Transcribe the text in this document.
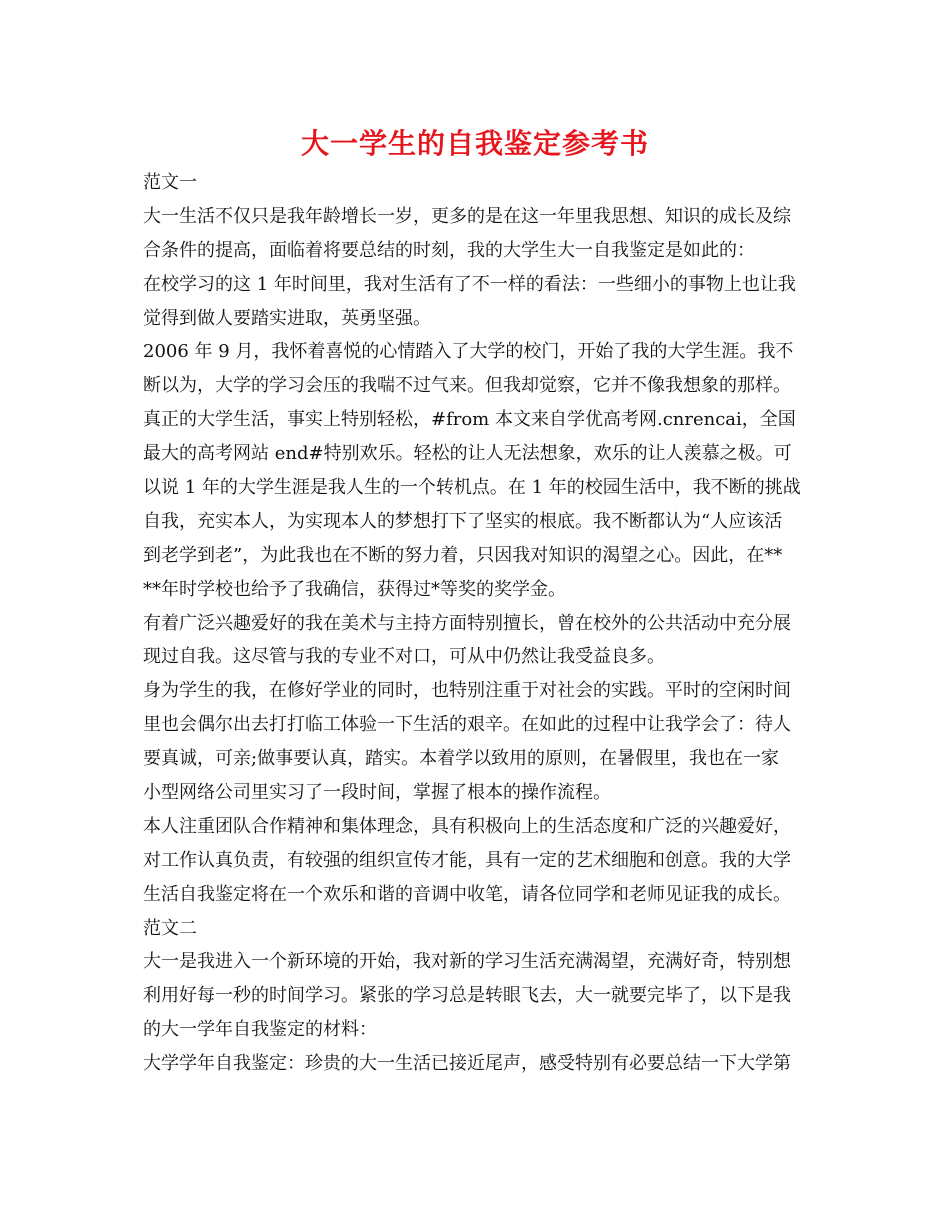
大一学生的自我鉴定参考书
范文一
大一生活不仅只是我年龄增长一岁，更多的是在这一年里我思想、知识的成长及综
合条件的提高，面临着将要总结的时刻，我的大学生大一自我鉴定是如此的：
在校学习的这 1 年时间里，我对生活有了不一样的看法：一些细小的事物上也让我
觉得到做人要踏实进取，英勇坚强。
2006 年 9 月，我怀着喜悦的心情踏入了大学的校门，开始了我的大学生涯。我不
断以为，大学的学习会压的我喘不过气来。但我却觉察，它并不像我想象的那样。
真正的大学生活，事实上特别轻松，#from 本文来自学优高考网.cnrencai，全国
最大的高考网站 end#特别欢乐。轻松的让人无法想象，欢乐的让人羡慕之极。可
以说 1 年的大学生涯是我人生的一个转机点。在 1 年的校园生活中，我不断的挑战
自我，充实本人，为实现本人的梦想打下了坚实的根底。我不断都认为“人应该活
到老学到老”，为此我也在不断的努力着，只因我对知识的渴望之心。因此，在**
**年时学校也给予了我确信，获得过*等奖的奖学金。
有着广泛兴趣爱好的我在美术与主持方面特别擅长，曾在校外的公共活动中充分展
现过自我。这尽管与我的专业不对口，可从中仍然让我受益良多。
身为学生的我，在修好学业的同时，也特别注重于对社会的实践。平时的空闲时间
里也会偶尔出去打打临工体验一下生活的艰辛。在如此的过程中让我学会了：待人
要真诚，可亲;做事要认真，踏实。本着学以致用的原则，在暑假里，我也在一家
小型网络公司里实习了一段时间，掌握了根本的操作流程。
本人注重团队合作精神和集体理念，具有积极向上的生活态度和广泛的兴趣爱好，
对工作认真负责，有较强的组织宣传才能，具有一定的艺术细胞和创意。我的大学
生活自我鉴定将在一个欢乐和谐的音调中收笔，请各位同学和老师见证我的成长。
范文二
大一是我进入一个新环境的开始，我对新的学习生活充满渴望，充满好奇，特别想
利用好每一秒的时间学习。紧张的学习总是转眼飞去，大一就要完毕了，以下是我
的大一学年自我鉴定的材料：
大学学年自我鉴定：珍贵的大一生活已接近尾声，感受特别有必要总结一下大学第
